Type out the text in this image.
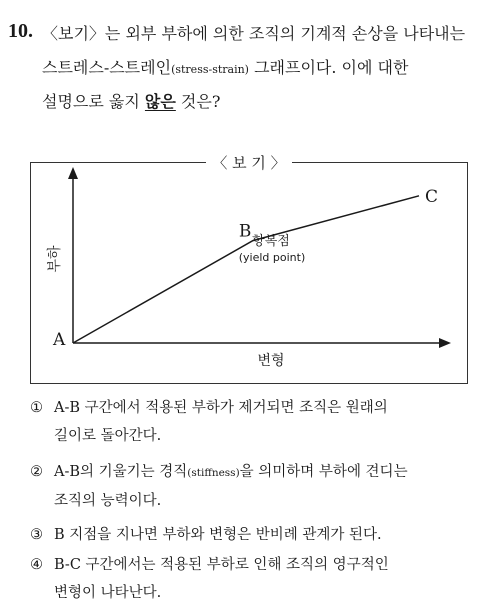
10. 〈보기〉는 외부 부하에 의한 조직의 기계적 손상을 나타내는
스트레스-스트레인(stress-strain) 그래프이다. 이에 대한
설명으로 옳지 않은 것은?
〈 보 기 〉
A
B
C
항복점
(yield point)
변형
부하
① A-B 구간에서 적용된 부하가 제거되면 조직은 원래의
길이로 돌아간다.
② A-B의 기울기는 경직(stiffness)을 의미하며 부하에 견디는
조직의 능력이다.
③ B 지점을 지나면 부하와 변형은 반비례 관계가 된다.
④ B-C 구간에서는 적용된 부하로 인해 조직의 영구적인
변형이 나타난다.
